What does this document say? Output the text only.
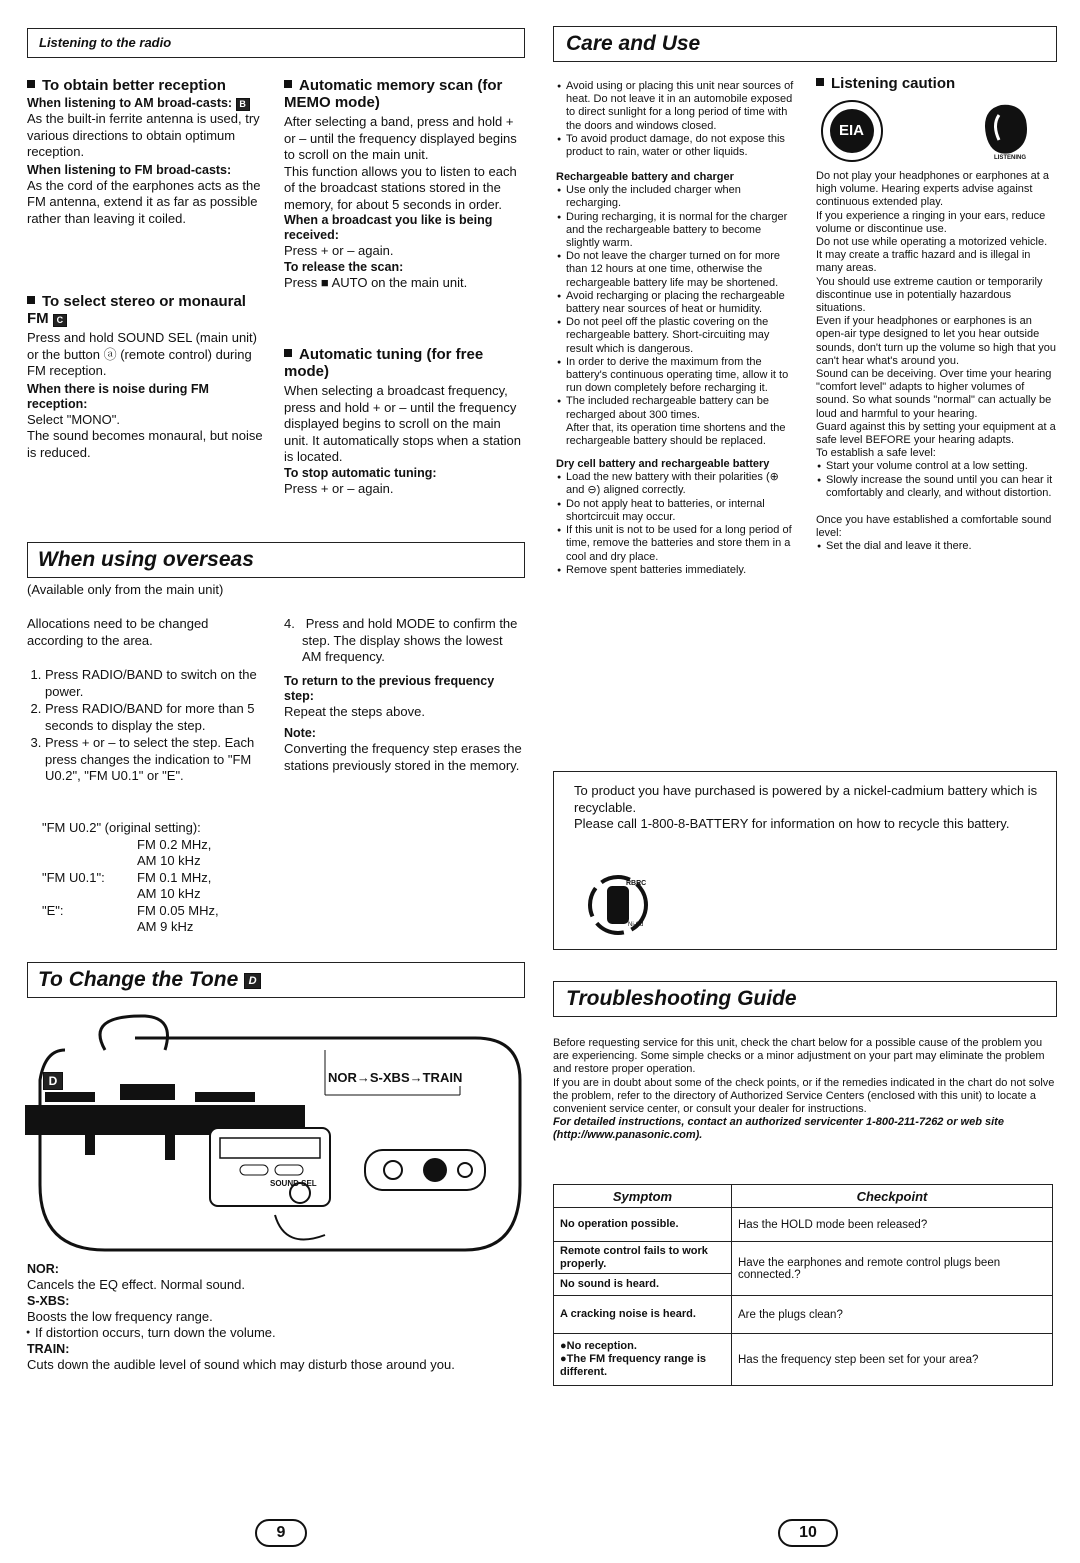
Listening to the radio
To obtain better reception
When listening to AM broad-casts: B

As the built-in ferrite antenna is used, try various directions to obtain optimum reception.

When listening to FM broad-casts:

As the cord of the earphones acts as the FM antenna, extend it as far as possible rather than leaving it coiled.

To select stereo or monaural FM C

Press and hold SOUND SEL (main unit) or the button ⓐ (remote control) during FM reception.

When there is noise during FM reception:

Select "MONO".

The sound becomes monaural, but noise is reduced.

Automatic memory scan (for MEMO mode)

After selecting a band, press and hold + or – until the frequency displayed begins to scroll on the main unit.

This function allows you to listen to each of the broadcast stations stored in the memory, for about 5 seconds in order.

When a broadcast you like is being received:

Press + or – again.

To release the scan:

Press ■ AUTO on the main unit.

Automatic tuning (for free mode)

When selecting a broadcast frequency, press and hold + or – until the frequency displayed begins to scroll on the main unit. It automatically stops when a station is located.

To stop automatic tuning:

Press + or – again.

When using overseas
(Available only from the main unit)
Allocations need to be changed according to the area.
1. Press RADIO/BAND to switch on the power.
2. Press RADIO/BAND for more than 5 seconds to display the step.
3. Press + or – to select the step. Each press changes the indication to "FM U0.2", "FM U0.1" or "E".

"FM U0.2" (original setting):

FM 0.2 MHz,

AM 10 kHz

"FM U0.1": FM 0.1 MHz,

AM 10 kHz

"E":	FM 0.05 MHz,

AM 9 kHz

4.   Press and hold MODE to confirm the step. The display shows the lowest AM frequency.
To return to the previous frequency step:

Repeat the steps above.

Note:

Converting the frequency step erases the stations previously stored in the memory.

To Change the Tone D
D	NOR→S-XBS→TRAIN
SOUND SEL
NOR:

Cancels the EQ effect. Normal sound.

S-XBS:

Boosts the low frequency range.

● If distortion occurs, turn down the volume.
TRAIN:

Cuts down the audible level of sound which may disturb those around you.

9
Care and Use
● Avoid using or placing this unit near sources of heat. Do not leave it in an automobile exposed to direct sunlight for a long period of time with the doors and windows closed.
● To avoid product damage, do not expose this product to rain, water or other liquids.
Rechargeable battery and charger
● Use only the included charger when recharging.
● During recharging, it is normal for the charger and the rechargeable battery to become slightly warm.
● Do not leave the charger turned on for more than 12 hours at one time, otherwise the rechargeable battery life may be shortened.
● Avoid recharging or placing the rechargeable battery near sources of heat or humidity.
● Do not peel off the plastic covering on the rechargeable battery. Short-circuiting may result which is dangerous.
● In order to derive the maximum from the battery's continuous operating time, allow it to run down completely before recharging it.
● The included rechargeable battery can be recharged about 300 times.

After that, its operation time shortens and the rechargeable battery should be replaced.

Dry cell battery and rechargeable battery
● Load the new battery with their polarities (⊕ and ⊖) aligned correctly.
● Do not apply heat to batteries, or internal shortcircuit may occur.
● If this unit is not to be used for a long period of time, remove the batteries and store them in a cool and dry place.
● Remove spent batteries immediately.
Listening caution
EIA
LISTENING

Do not play your headphones or earphones at a high volume. Hearing experts advise against continuous extended play.

If you experience a ringing in your ears, reduce volume or discontinue use.

Do not use while operating a motorized vehicle. It may create a traffic hazard and is illegal in many areas.

You should use extreme caution or temporarily discontinue use in potentially hazardous situations.

Even if your headphones or earphones is an open-air type designed to let you hear outside sounds, don't turn up the volume so high that you can't hear what's around you.

Sound can be deceiving. Over time your hearing "comfort level" adapts to higher volumes of sound. So what sounds "normal" can actually be loud and harmful to your hearing.

Guard against this by setting your equipment at a safe level BEFORE your hearing adapts.

To establish a safe level:

● Start your volume control at a low setting.
● Slowly increase the sound until you can hear it comfortably and clearly, and without distortion.

Once you have established a comfortable sound level:

● Set the dial and leave it there.

To product you have purchased is powered by a nickel-cadmium battery which is recyclable.

Please call 1-800-8-BATTERY for information on how to recycle this battery.

RBRC
Ni-Cd
Troubleshooting Guide

Before requesting service for this unit, check the chart below for a possible cause of the problem you are experiencing. Some simple checks or a minor adjustment on your part may eliminate the problem and restore proper operation.

If you are in doubt about some of the check points, or if the remedies indicated in the chart do not solve the problem, refer to the directory of Authorized Service Centers (enclosed with this unit) to locate a convenient service center, or consult your dealer for instructions.

For detailed instructions, contact an authorized servicenter 1-800-211-7262 or web site (http://www.panasonic.com).

Symptom	Checkpoint
No operation possible.	Has the HOLD mode been released?
Remote control fails to work properly.	Have the earphones and remote control plugs been connected.?
No sound is heard.	
A cracking noise is heard.	Are the plugs clean?

●No reception.
●The FM frequency range is different.	Has the frequency step been set for your area?
10
